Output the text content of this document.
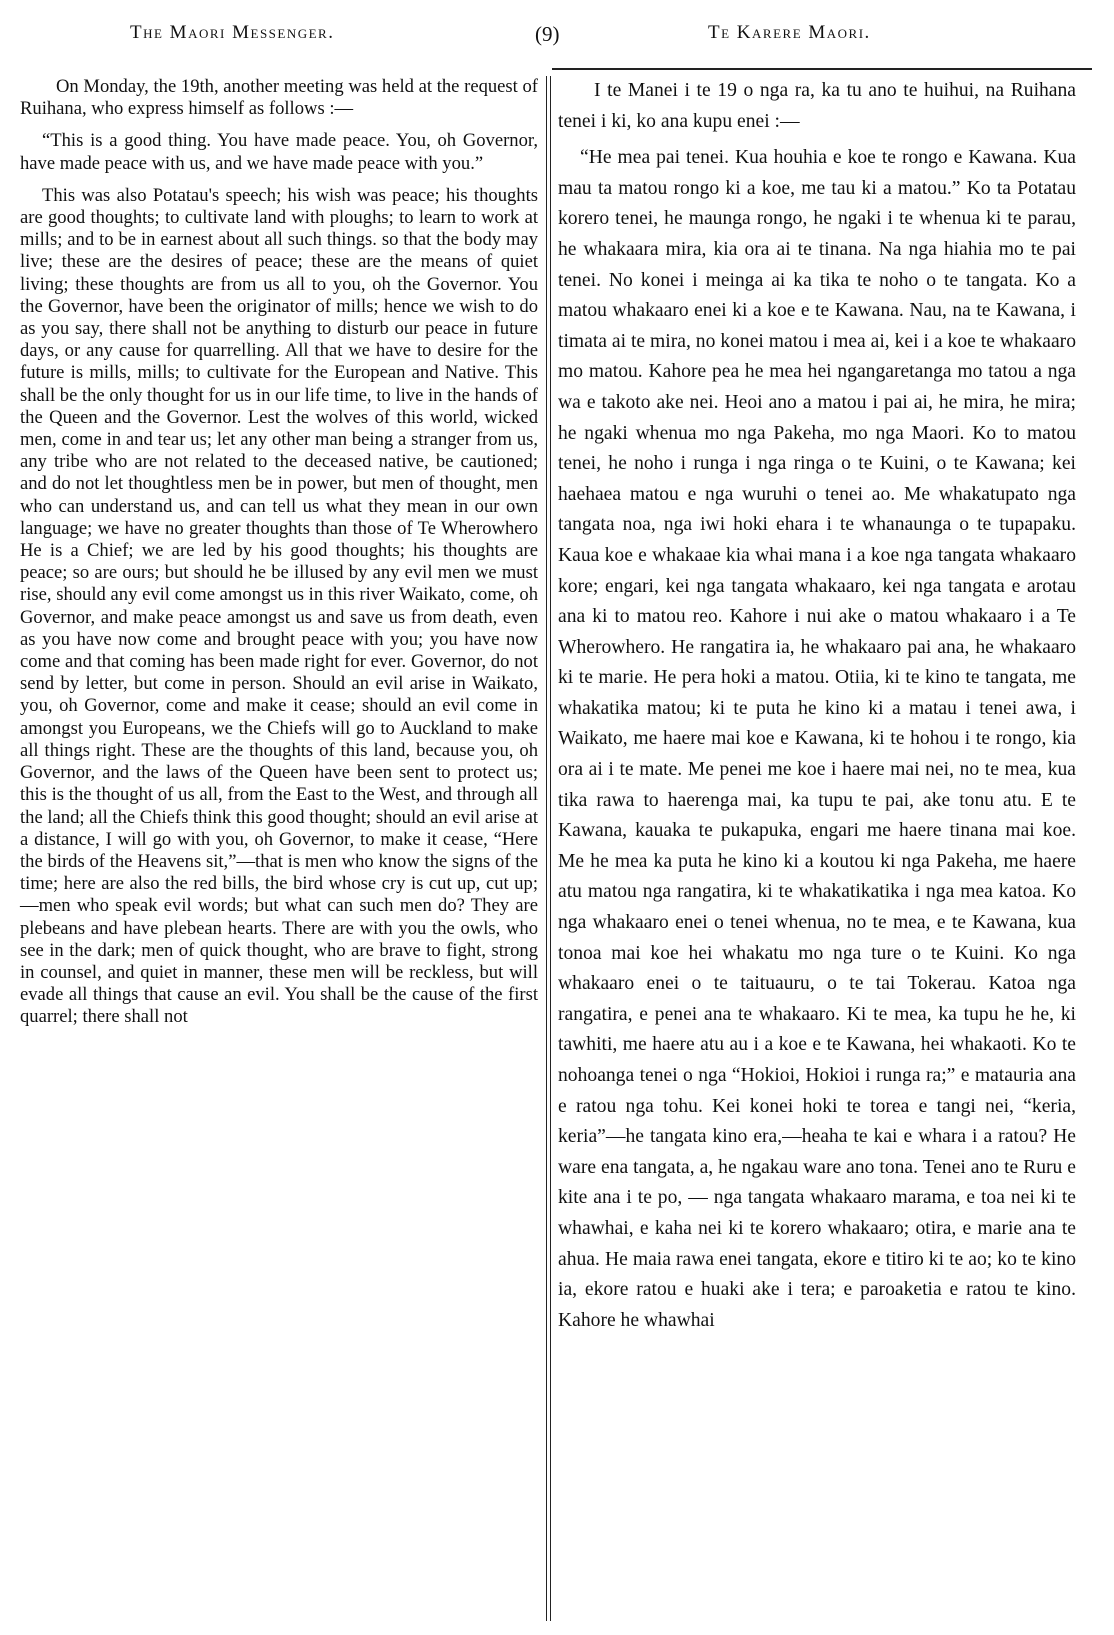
The Maori Messenger.	(9)	Te Karere Maori.

On Monday, the 19th, another meeting was held at the request of Ruihana, who express himself as follows :—

“This is a good thing. You have made peace. You, oh Governor, have made peace with us, and we have made peace with you.”

This was also Potatau's speech; his wish was peace; his thoughts are good thoughts; to cultivate land with ploughs; to learn to work at mills; and to be in earnest about all such things. so that the body may live; these are the desires of peace; these are the means of quiet living; these thoughts are from us all to you, oh the Governor. You the Governor, have been the originator of mills; hence we wish to do as you say, there shall not be anything to disturb our peace in future days, or any cause for quarrelling. All that we have to desire for the future is mills, mills; to cultivate for the European and Native. This shall be the only thought for us in our life time, to live in the hands of the Queen and the Governor. Lest the wolves of this world, wicked men, come in and tear us; let any other man being a stranger from us, any tribe who are not related to the deceased native, be cautioned; and do not let thoughtless men be in power, but men of thought, men who can understand us, and can tell us what they mean in our own language; we have no greater thoughts than those of Te Wherowhero He is a Chief; we are led by his good thoughts; his thoughts are peace; so are ours; but should he be illused by any evil men we must rise, should any evil come amongst us in this river Waikato, come, oh Governor, and make peace amongst us and save us from death, even as you have now come and brought peace with you; you have now come and that coming has been made right for ever. Governor, do not send by letter, but come in person. Should an evil arise in Waikato, you, oh Governor, come and make it cease; should an evil come in amongst you Europeans, we the Chiefs will go to Auckland to make all things right. These are the thoughts of this land, because you, oh Governor, and the laws of the Queen have been sent to protect us; this is the thought of us all, from the East to the West, and through all the land; all the Chiefs think this good thought; should an evil arise at a distance, I will go with you, oh Governor, to make it cease, “Here the birds of the Heavens sit,”—that is men who know the signs of the time; here are also the red bills, the bird whose cry is cut up, cut up;—men who speak evil words; but what can such men do? They are plebeans and have plebean hearts. There are with you the owls, who see in the dark; men of quick thought, who are brave to fight, strong in counsel, and quiet in manner, these men will be reckless, but will evade all things that cause an evil. You shall be the cause of the first quarrel; there shall not

I te Manei i te 19 o nga ra, ka tu ano te huihui, na Ruihana tenei i ki, ko ana kupu enei :—

“He mea pai tenei. Kua houhia e koe te rongo e Kawana. Kua mau ta matou rongo ki a koe, me tau ki a matou.” Ko ta Potatau korero tenei, he maunga rongo, he ngaki i te whenua ki te parau, he whakaara mira, kia ora ai te tinana. Na nga hiahia mo te pai tenei. No konei i meinga ai ka tika te noho o te tangata. Ko a matou whakaaro enei ki a koe e te Kawana. Nau, na te Kawana, i timata ai te mira, no konei matou i mea ai, kei i a koe te whakaaro mo matou. Kahore pea he mea hei ngangaretanga mo tatou a nga wa e takoto ake nei. Heoi ano a matou i pai ai, he mira, he mira; he ngaki whenua mo nga Pakeha, mo nga Maori. Ko to matou tenei, he noho i runga i nga ringa o te Kuini, o te Kawana; kei haehaea matou e nga wuruhi o tenei ao. Me whakatupato nga tangata noa, nga iwi hoki ehara i te whanaunga o te tupapaku. Kaua koe e whakaae kia whai mana i a koe nga tangata whakaaro kore; engari, kei nga tangata whakaaro, kei nga tangata e arotau ana ki to matou reo. Kahore i nui ake o matou whakaaro i a Te Wherowhero. He rangatira ia, he whakaaro pai ana, he whakaaro ki te marie. He pera hoki a matou. Otiia, ki te kino te tangata, me whakatika matou; ki te puta he kino ki a matau i tenei awa, i Waikato, me haere mai koe e Kawana, ki te hohou i te rongo, kia ora ai i te mate. Me penei me koe i haere mai nei, no te mea, kua tika rawa to haerenga mai, ka tupu te pai, ake tonu atu. E te Kawana, kauaka te pukapuka, engari me haere tinana mai koe. Me he mea ka puta he kino ki a koutou ki nga Pakeha, me haere atu matou nga rangatira, ki te whakatikatika i nga mea katoa. Ko nga whakaaro enei o tenei whenua, no te mea, e te Kawana, kua tonoa mai koe hei whakatu mo nga ture o te Kuini. Ko nga whakaaro enei o te taituauru, o te tai Tokerau. Katoa nga rangatira, e penei ana te whakaaro. Ki te mea, ka tupu he he, ki tawhiti, me haere atu au i a koe e te Kawana, hei whakaoti. Ko te nohoanga tenei o nga “Hokioi, Hokioi i runga ra;” e matauria ana e ratou nga tohu. Kei konei hoki te torea e tangi nei, “keria, keria”—he tangata kino era,—heaha te kai e whara i a ratou? He ware ena tangata, a, he ngakau ware ano tona. Tenei ano te Ruru e kite ana i te po, — nga tangata whakaaro marama, e toa nei ki te whawhai, e kaha nei ki te korero whakaaro; otira, e marie ana te ahua. He maia rawa enei tangata, ekore e titiro ki te ao; ko te kino ia, ekore ratou e huaki ake i tera; e paroaketia e ratou te kino. Kahore he whawhai
